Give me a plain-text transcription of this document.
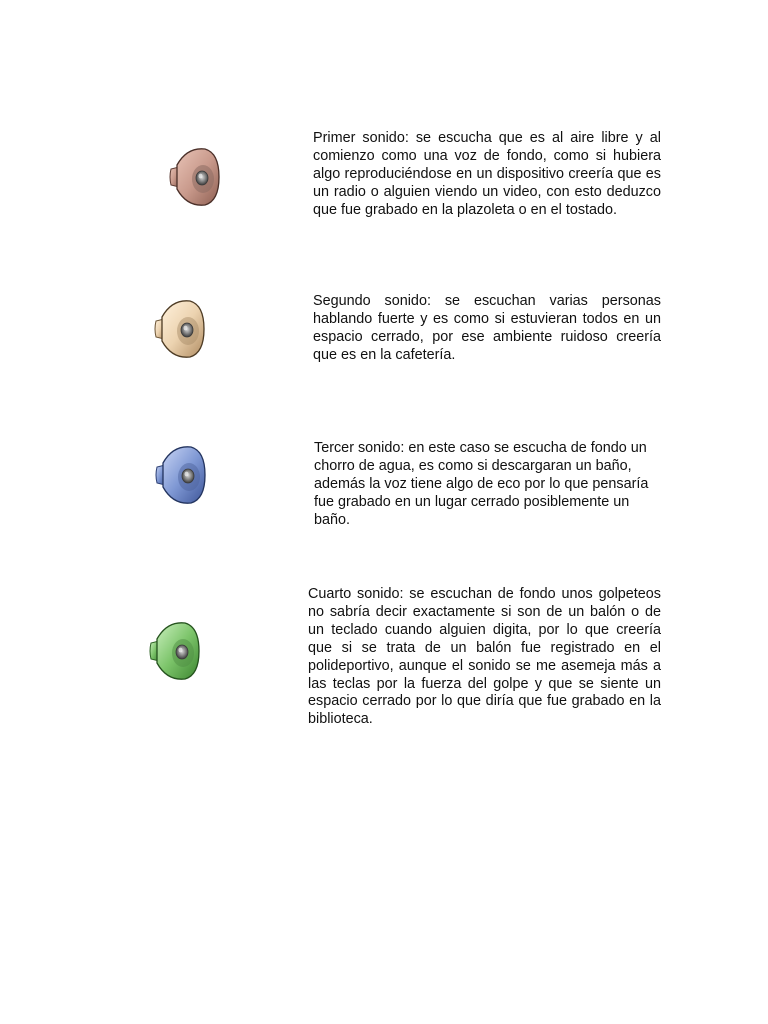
Primer sonido: se escucha que es al aire libre y al comienzo como una voz de fondo, como si hubiera algo reproduciéndose en un dispositivo creería que es un radio o alguien viendo un video, con esto deduzco que fue grabado en la plazoleta o en el tostado.

Segundo sonido: se escuchan varias personas hablando fuerte y es como si estuvieran todos en un espacio cerrado, por ese ambiente ruidoso creería que es en la cafetería.

Tercer sonido: en este caso se escucha de fondo un chorro de agua, es como si descargaran un baño, además la voz tiene algo de eco por lo que pensaría fue grabado en un lugar cerrado posiblemente un baño.

Cuarto sonido: se escuchan de fondo unos golpeteos no sabría decir exactamente si son de un balón o de un teclado cuando alguien digita, por lo que creería que si se trata de un balón fue registrado en el polideportivo, aunque el sonido se me asemeja más a las teclas por la fuerza del golpe y que se siente un espacio cerrado por lo que diría que fue grabado en la biblioteca.
